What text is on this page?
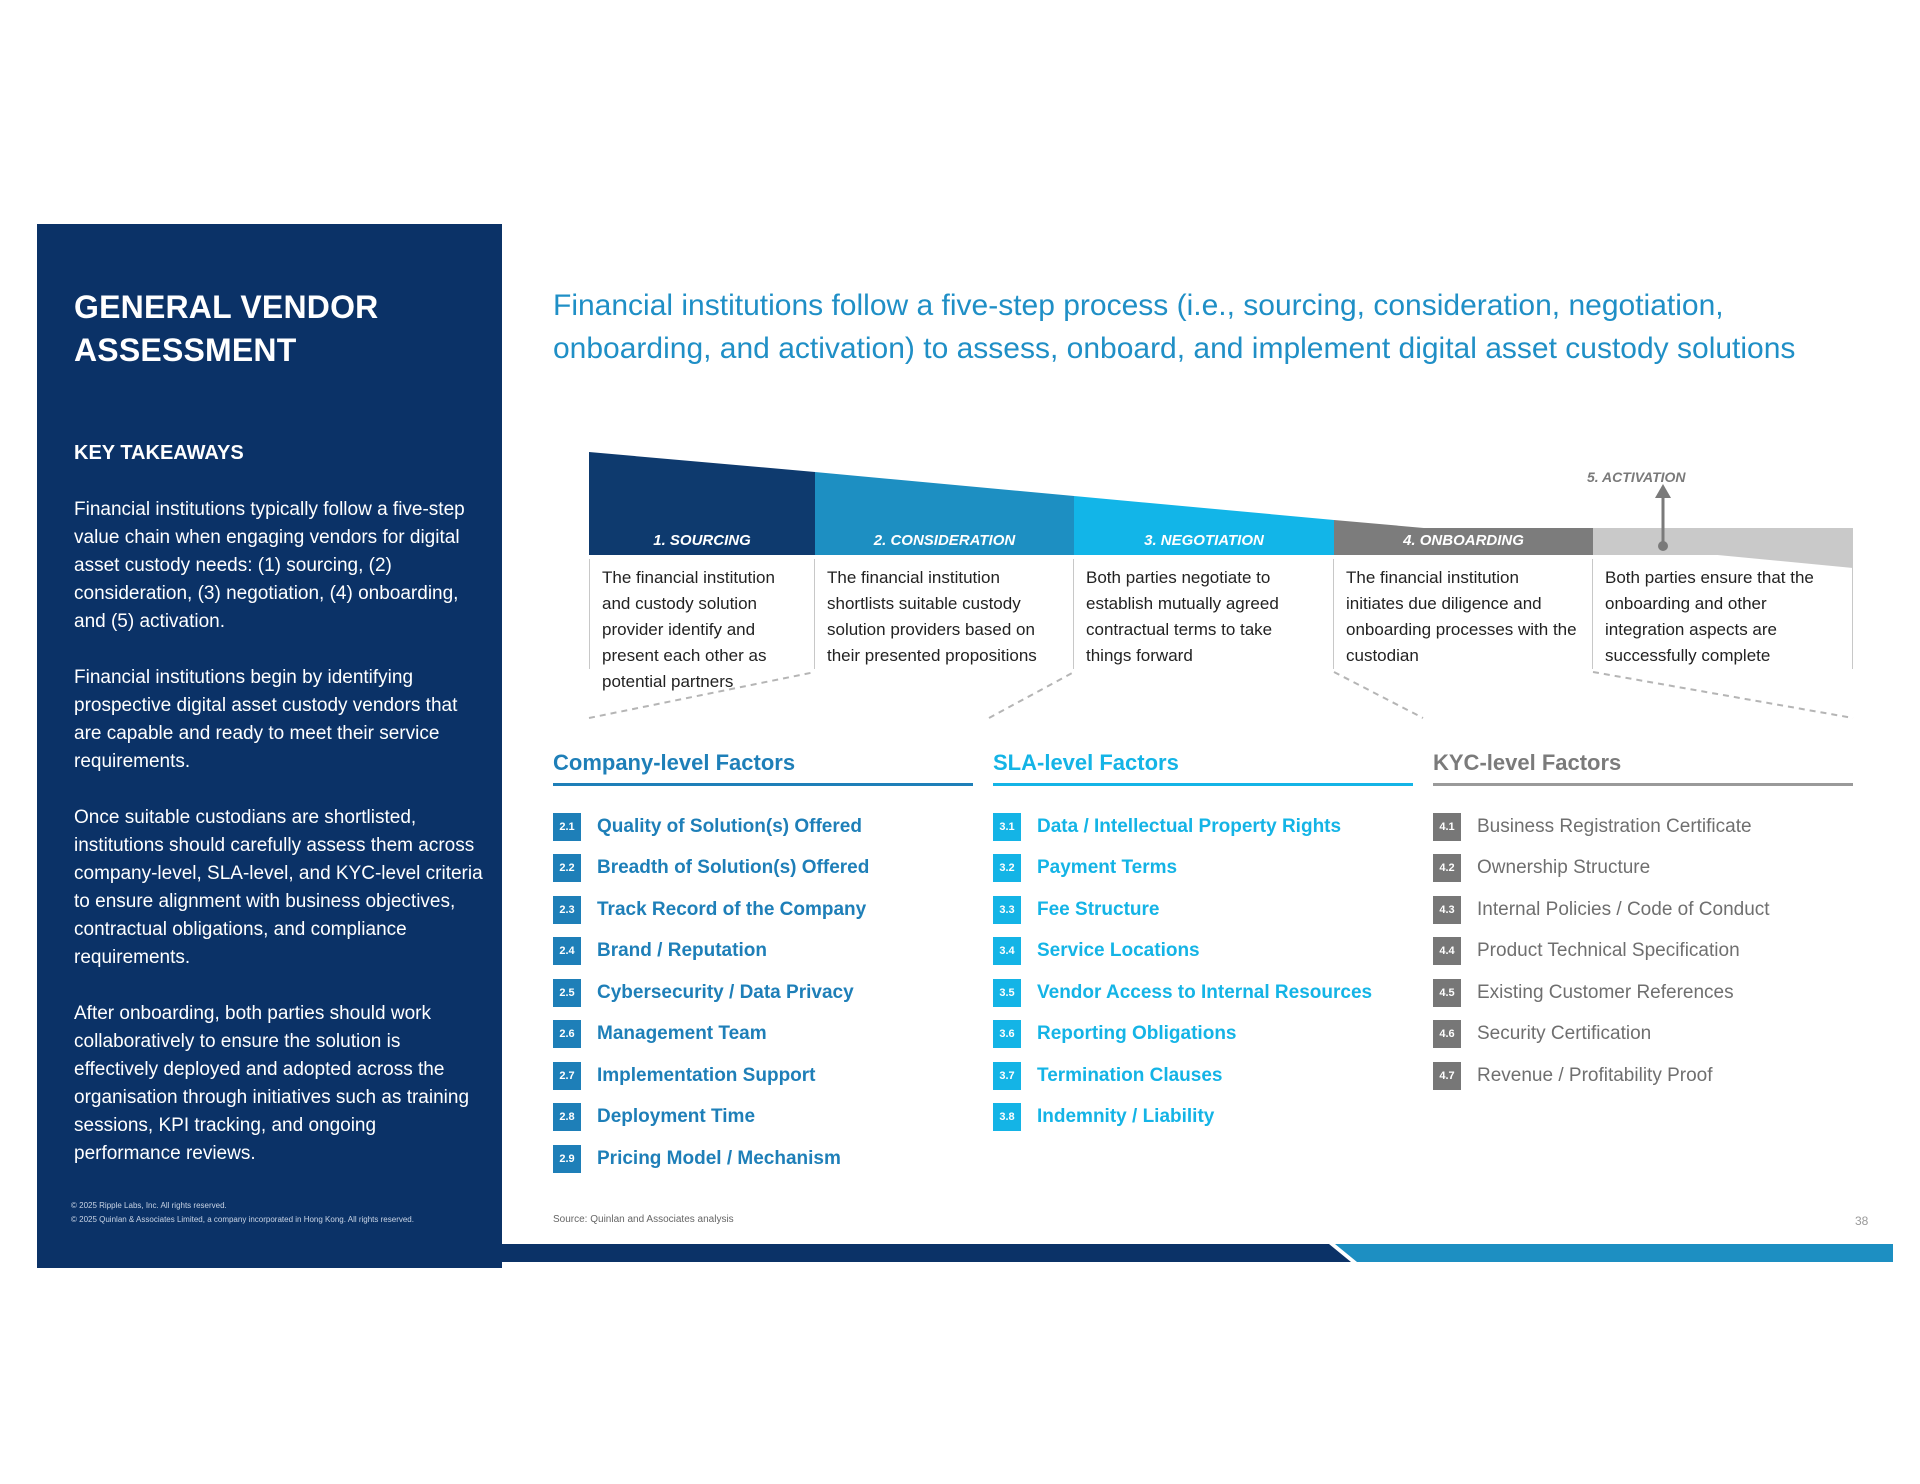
GENERAL VENDOR ASSESSMENT
KEY TAKEAWAYS

Financial institutions typically follow a five-step value chain when engaging vendors for digital asset custody needs: (1) sourcing, (2) consideration, (3) negotiation, (4) onboarding, and (5) activation.

Financial institutions begin by identifying prospective digital asset custody vendors that are capable and ready to meet their service requirements.

Once suitable custodians are shortlisted, institutions should carefully assess them across company-level, SLA-level, and KYC-level criteria to ensure alignment with business objectives, contractual obligations, and compliance requirements.

After onboarding, both parties should work collaboratively to ensure the solution is effectively deployed and adopted across the organisation through initiatives such as training sessions, KPI tracking, and ongoing performance reviews.

© 2025 Ripple Labs, Inc. All rights reserved.
© 2025 Quinlan & Associates Limited, a company incorporated in Hong Kong. All rights reserved.
Financial institutions follow a five-step process (i.e., sourcing, consideration, negotiation, onboarding, and activation) to assess, onboard, and implement digital asset custody solutions
5. ACTIVATION
1. SOURCING	2. CONSIDERATION	3. NEGOTIATION	4. ONBOARDING
The financial institution and custody solution provider identify and present each other as potential partners
The financial institution shortlists suitable custody solution providers based on their presented propositions
Both parties negotiate to establish mutually agreed contractual terms to take things forward
The financial institution initiates due diligence and onboarding processes with the custodian
Both parties ensure that the onboarding and other integration aspects are successfully complete
Company-level Factors
2.1	Quality of Solution(s) Offered
2.2	Breadth of Solution(s) Offered
2.3	Track Record of the Company
2.4	Brand / Reputation
2.5	Cybersecurity / Data Privacy
2.6	Management Team
2.7	Implementation Support
2.8	Deployment Time
2.9	Pricing Model / Mechanism
SLA-level Factors
3.1	Data / Intellectual Property Rights
3.2	Payment Terms
3.3	Fee Structure
3.4	Service Locations
3.5	Vendor Access to Internal Resources
3.6	Reporting Obligations
3.7	Termination Clauses
3.8	Indemnity / Liability
KYC-level Factors
4.1	Business Registration Certificate
4.2	Ownership Structure
4.3	Internal Policies / Code of Conduct
4.4	Product Technical Specification
4.5	Existing Customer References
4.6	Security Certification
4.7	Revenue / Profitability Proof
Source: Quinlan and Associates analysis	38
